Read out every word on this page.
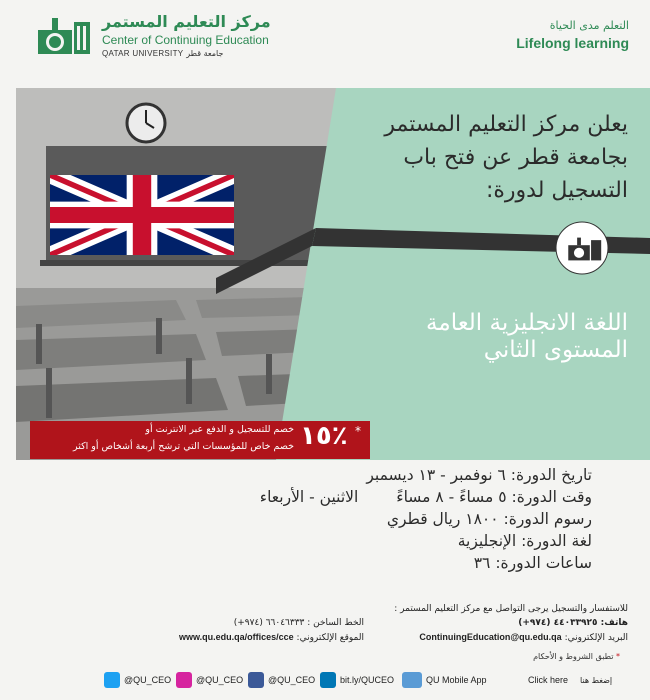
مركز التعليم المستمر
Center of Continuing Education
QATAR UNIVERSITY جامعة قطر
التعلم مدى الحياة
Lifelong learning
يعلن مركز التعليم المستمر
بجامعة قطر عن فتح باب
التسجيل لدورة:
اللغة الانجليزية العامة
المستوى الثاني
*
١٥٪
خصم للتسجيل و الدفع عبر الانترنت أو
خصم خاص للمؤسسات التي ترشح أربعة أشخاص أو اكثر
تاريخ الدورة: ٦ نوفمبر - ١٣ ديسمبر
وقت الدورة: ٥ مساءً - ٨ مساءًالاثنين - الأربعاء
رسوم الدورة: ١٨٠٠ ريال قطري
لغة الدورة: الإنجليزية
ساعات الدورة: ٣٦
للاستفسار والتسجيل يرجى التواصل مع مركز التعليم المستمر :
هاتف: ٤٤٠٣٣٩٢٥ (٩٧٤+)
البريد الإلكتروني: ContinuingEducation@qu.edu.qa
الخط الساخن : ٦٦٠٤٦٣٣٣ (٩٧٤+)
الموقع الإلكتروني: www.qu.edu.qa/offices/cce
* تطبق الشروط و الأحكام
@QU_CEO	@QU_CEO	@QU_CEO	bit.ly/QUCEO	QU Mobile App	Click here إضغط هنا
